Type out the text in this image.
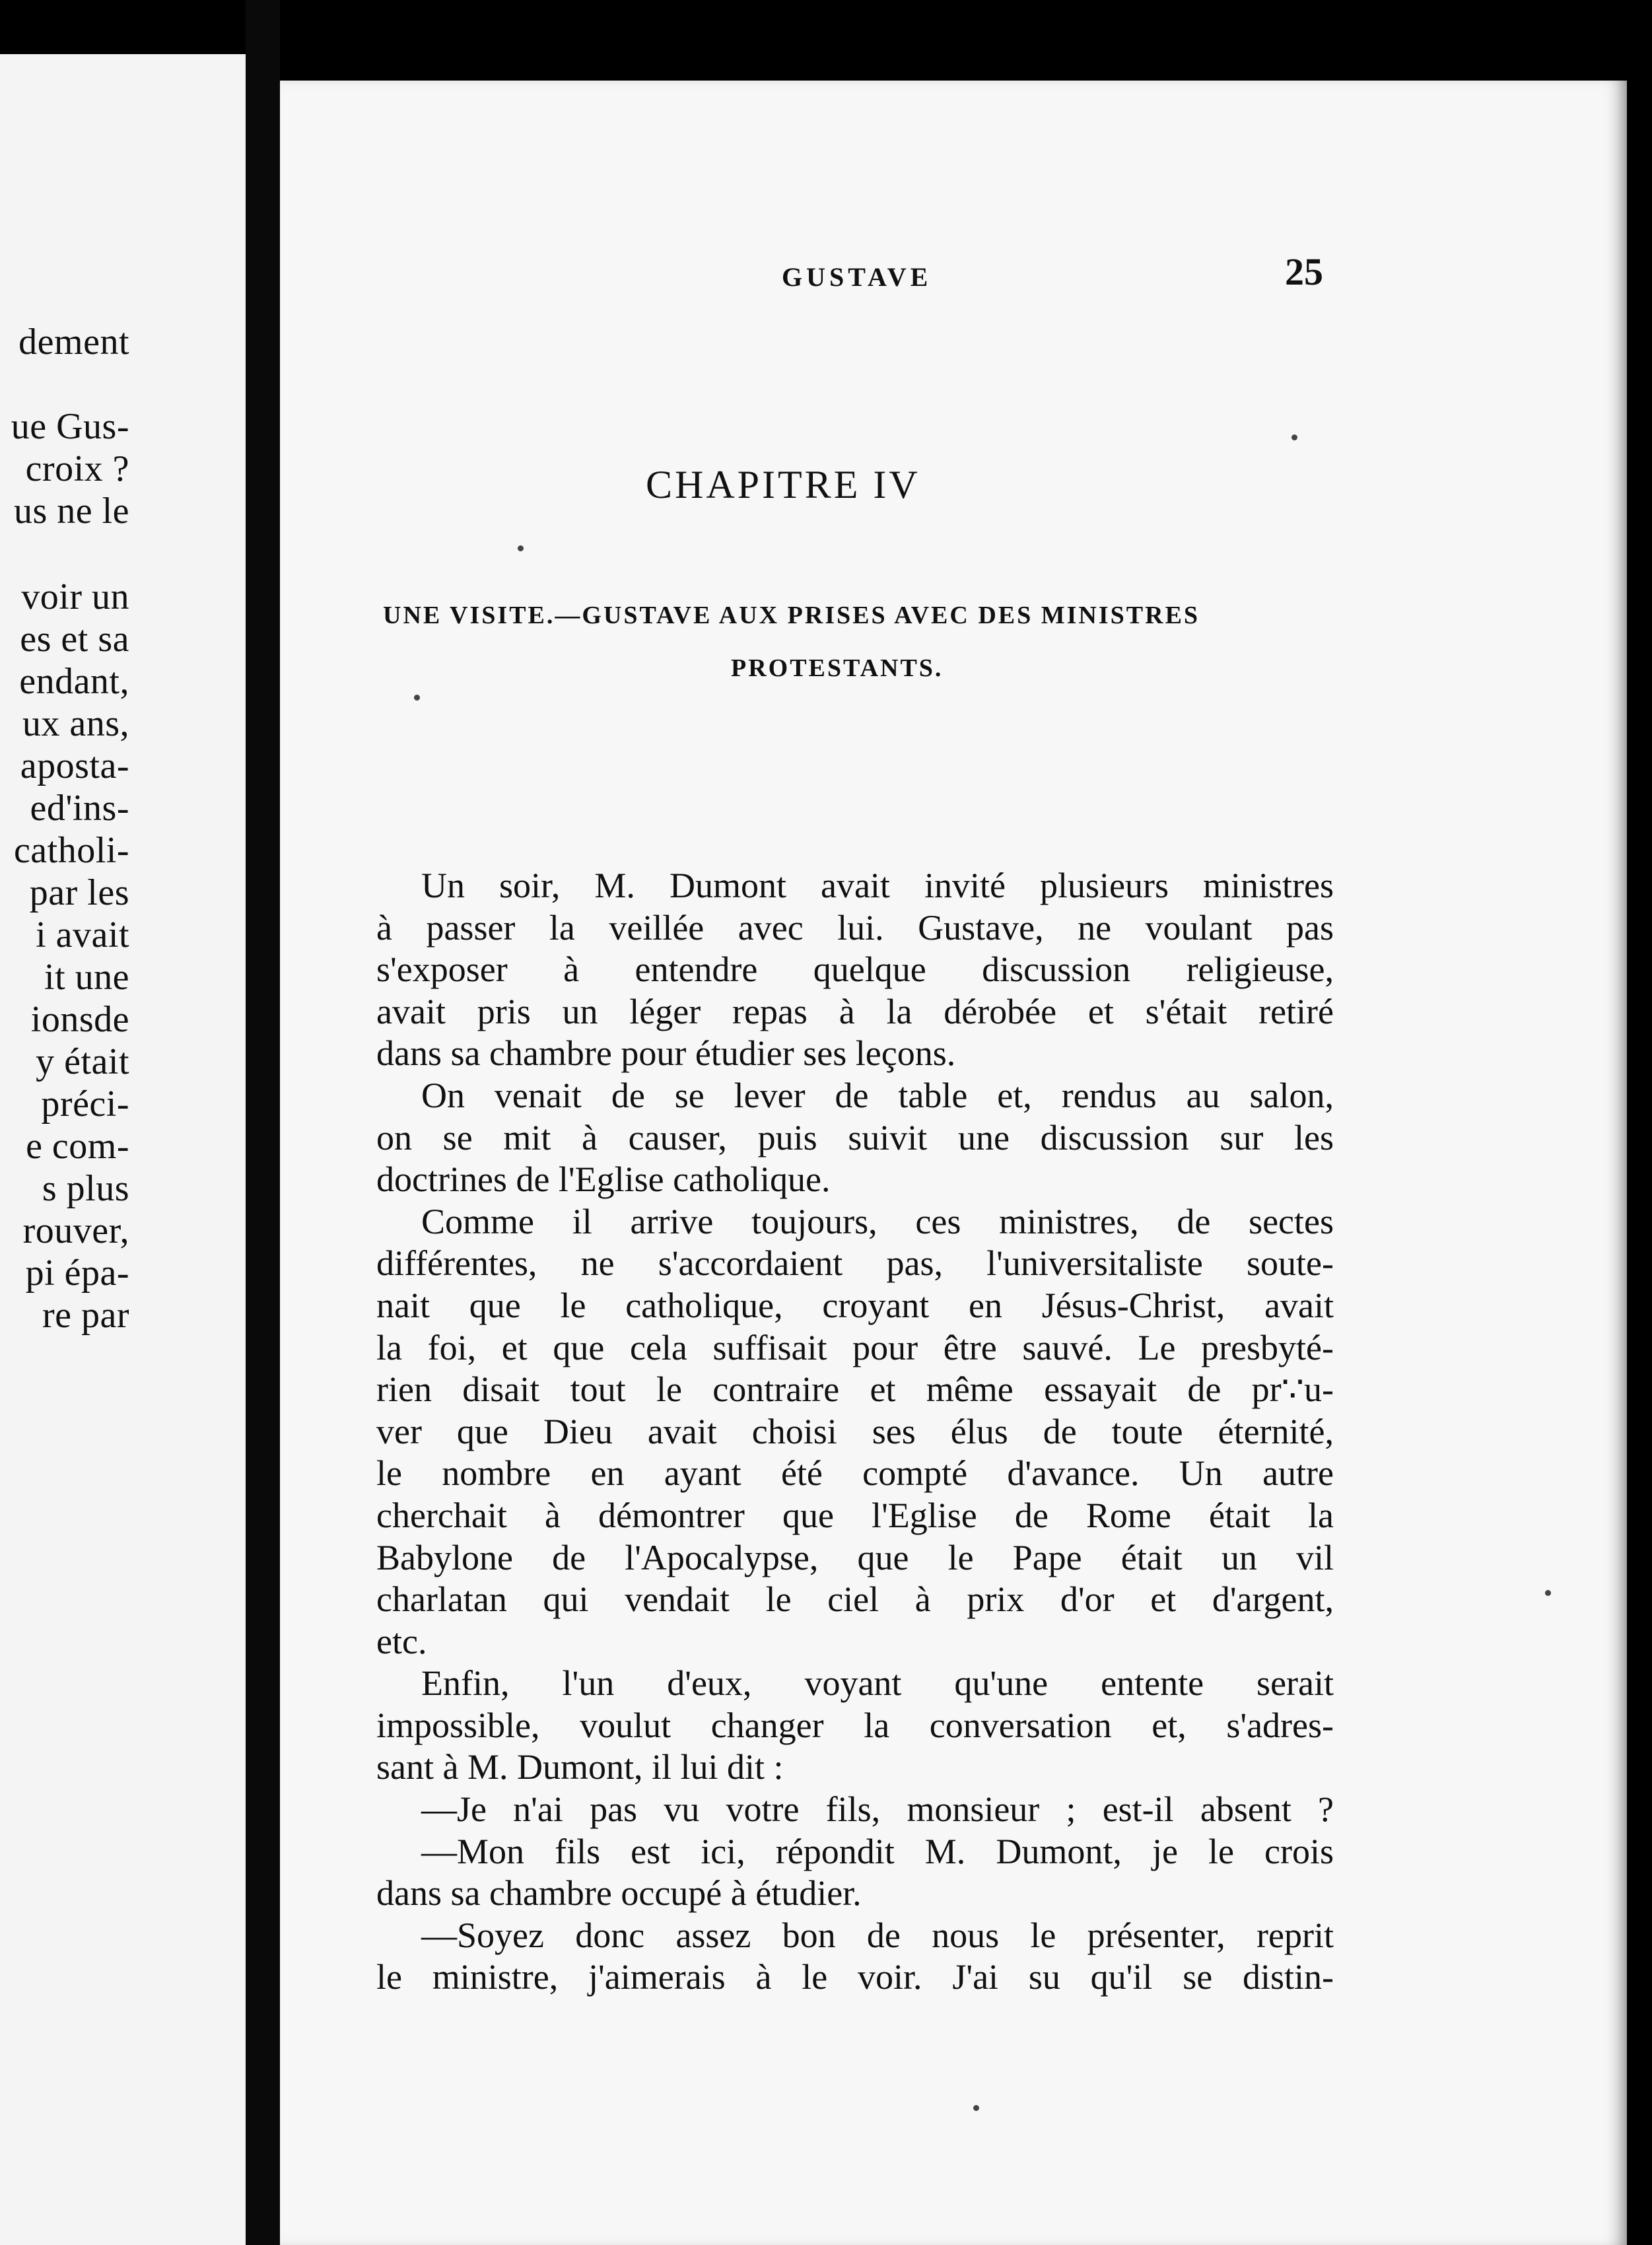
dement
ue Gus-
croix ?
us ne le
voir un
es et sa
endant,
ux ans,
aposta-
ed'ins-
catholi-
par les
i avait
it une
ionsde
y était
préci-
e com-
s plus
rouver,
pi épa-
re par
GUSTAVE	25
CHAPITRE IV
UNE VISITE.—GUSTAVE AUX PRISES AVEC DES MINISTRES
PROTESTANTS.
Un soir, M. Dumont avait invité plusieurs ministres
à passer la veillée avec lui. Gustave, ne voulant pas
s'exposer à entendre quelque discussion religieuse,
avait pris un léger repas à la dérobée et s'était retiré
dans sa chambre pour étudier ses leçons.
On venait de se lever de table et, rendus au salon,
on se mit à causer, puis suivit une discussion sur les
doctrines de l'Eglise catholique.
Comme il arrive toujours, ces ministres, de sectes
différentes, ne s'accordaient pas, l'universitaliste soute-
nait que le catholique, croyant en Jésus-Christ, avait
la foi, et que cela suffisait pour être sauvé. Le presbyté-
rien disait tout le contraire et même essayait de pr∵u-
ver que Dieu avait choisi ses élus de toute éternité,
le nombre en ayant été compté d'avance. Un autre
cherchait à démontrer que l'Eglise de Rome était la
Babylone de l'Apocalypse, que le Pape était un vil
charlatan qui vendait le ciel à prix d'or et d'argent,
etc.
Enfin, l'un d'eux, voyant qu'une entente serait
impossible, voulut changer la conversation et, s'adres-
sant à M. Dumont, il lui dit :
—Je n'ai pas vu votre fils, monsieur ; est-il absent ?
—Mon fils est ici, répondit M. Dumont, je le crois
dans sa chambre occupé à étudier.
—Soyez donc assez bon de nous le présenter, reprit
le ministre, j'aimerais à le voir. J'ai su qu'il se distin-
